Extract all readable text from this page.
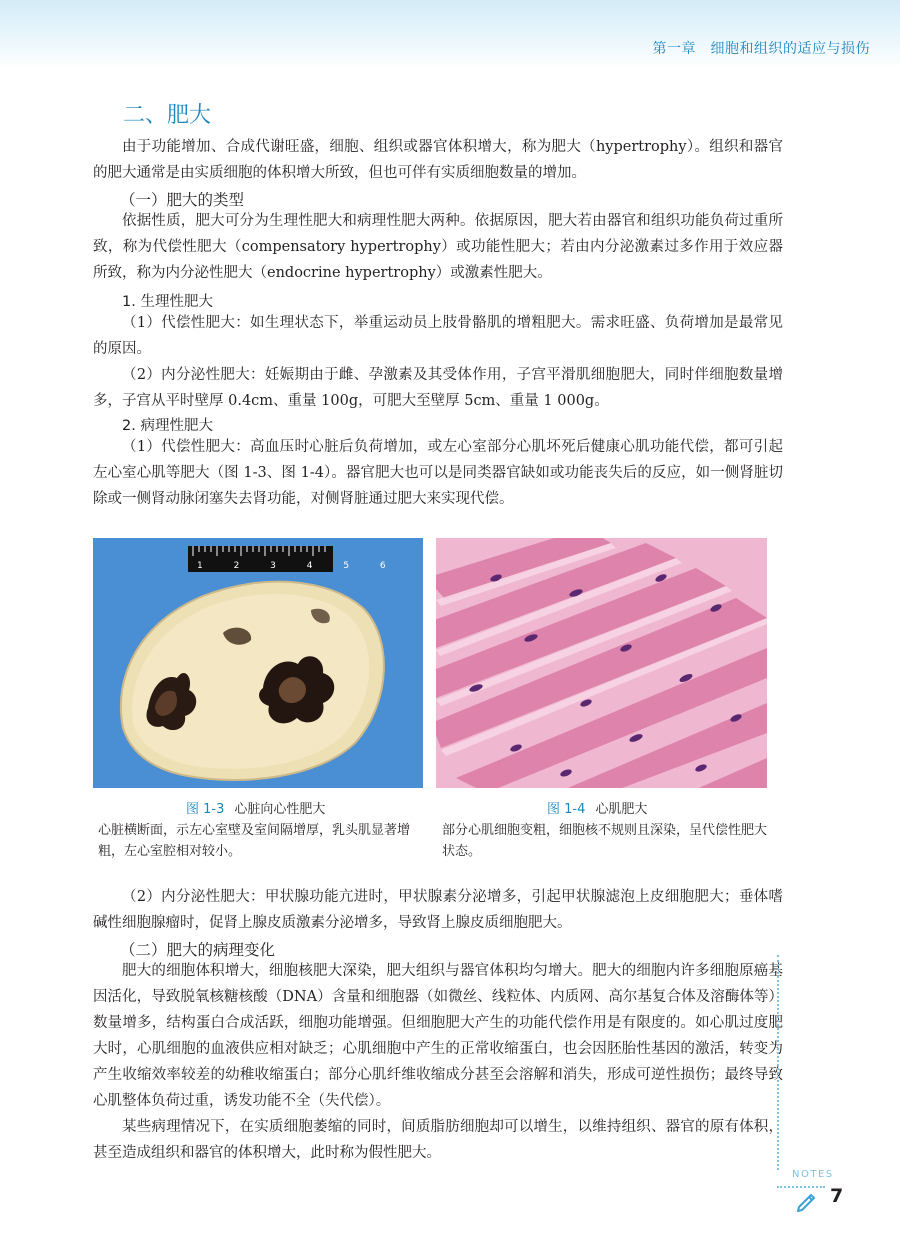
第一章　细胞和组织的适应与损伤
二、肥大

由于功能增加、合成代谢旺盛，细胞、组织或器官体积增大，称为肥大（hypertrophy）。组织和器官的肥大通常是由实质细胞的体积增大所致，但也可伴有实质细胞数量的增加。

（一）肥大的类型

依据性质，肥大可分为生理性肥大和病理性肥大两种。依据原因，肥大若由器官和组织功能负荷过重所致，称为代偿性肥大（compensatory hypertrophy）或功能性肥大；若由内分泌激素过多作用于效应器所致，称为内分泌性肥大（endocrine hypertrophy）或激素性肥大。

1. 生理性肥大

（1）代偿性肥大：如生理状态下，举重运动员上肢骨骼肌的增粗肥大。需求旺盛、负荷增加是最常见的原因。

（2）内分泌性肥大：妊娠期由于雌、孕激素及其受体作用，子宫平滑肌细胞肥大，同时伴细胞数量增多，子宫从平时壁厚 0.4cm、重量 100g，可肥大至壁厚 5cm、重量 1 000g。

2. 病理性肥大

（1）代偿性肥大：高血压时心脏后负荷增加，或左心室部分心肌坏死后健康心肌功能代偿，都可引起左心室心肌等肥大（图 1-3、图 1-4）。器官肥大也可以是同类器官缺如或功能丧失后的反应，如一侧肾脏切除或一侧肾动脉闭塞失去肾功能，对侧肾脏通过肥大来实现代偿。

1 2 3 4 5 6
图 1-3 心脏向心性肥大
心脏横断面，示左心室壁及室间隔增厚，乳头肌显著增粗，左心室腔相对较小。
图 1-4 心肌肥大
部分心肌细胞变粗，细胞核不规则且深染，呈代偿性肥大状态。

（2）内分泌性肥大：甲状腺功能亢进时，甲状腺素分泌增多，引起甲状腺滤泡上皮细胞肥大；垂体嗜碱性细胞腺瘤时，促肾上腺皮质激素分泌增多，导致肾上腺皮质细胞肥大。

（二）肥大的病理变化

肥大的细胞体积增大，细胞核肥大深染，肥大组织与器官体积均匀增大。肥大的细胞内许多细胞原癌基因活化，导致脱氧核糖核酸（DNA）含量和细胞器（如微丝、线粒体、内质网、高尔基复合体及溶酶体等）数量增多，结构蛋白合成活跃，细胞功能增强。但细胞肥大产生的功能代偿作用是有限度的。如心肌过度肥大时，心肌细胞的血液供应相对缺乏；心肌细胞中产生的正常收缩蛋白，也会因胚胎性基因的激活，转变为产生收缩效率较差的幼稚收缩蛋白；部分心肌纤维收缩成分甚至会溶解和消失，形成可逆性损伤；最终导致心肌整体负荷过重，诱发功能不全（失代偿）。

某些病理情况下，在实质细胞萎缩的同时，间质脂肪细胞却可以增生，以维持组织、器官的原有体积，甚至造成组织和器官的体积增大，此时称为假性肥大。

NOTES
7
